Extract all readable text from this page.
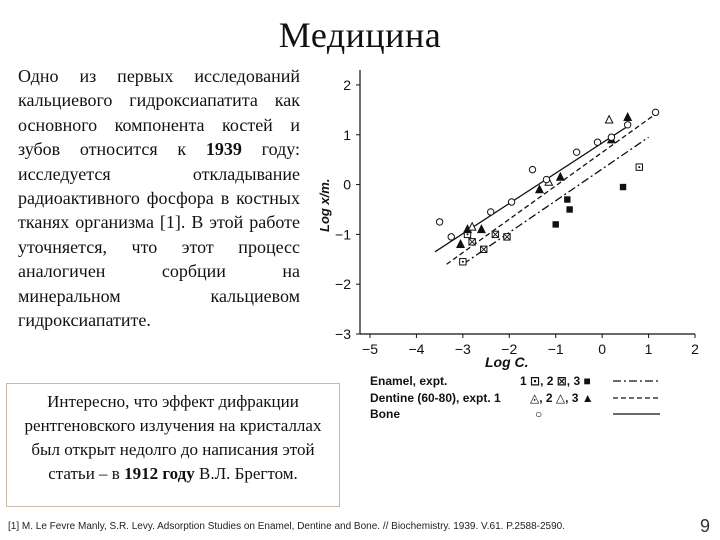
Медицина
Одно из первых исследований кальциевого гидроксиапатита как основного компонента костей и зубов относится к 1939 году: исследуется откладывание радиоактивного фосфора в костных тканях организма [1]. В этой работе уточняется, что этот процесс аналогичен сорбции на минеральном кальциевом гидроксиапатите.
Интересно, что эффект дифракции рентгеновского излучения на кристаллах был открыт недолго до написания этой статьи – в 1912 году В.Л. Брегтом.
2
1
0
−1
−2
−3
−5 −4 −3 −2 −1 0	1	2
Log x/m.
Log C.
Enamel, expt.	1 ⊡, 2 ⊠, 3 ■
Dentine (60-80), expt. 1 ◬, 2 △, 3 ▲
Bone	○
[1] M. Le Fevre Manly, S.R. Levy. Adsorption Studies on Enamel, Dentine and Bone. // Biochemistry. 1939. V.61. P.2588-2590.	9
